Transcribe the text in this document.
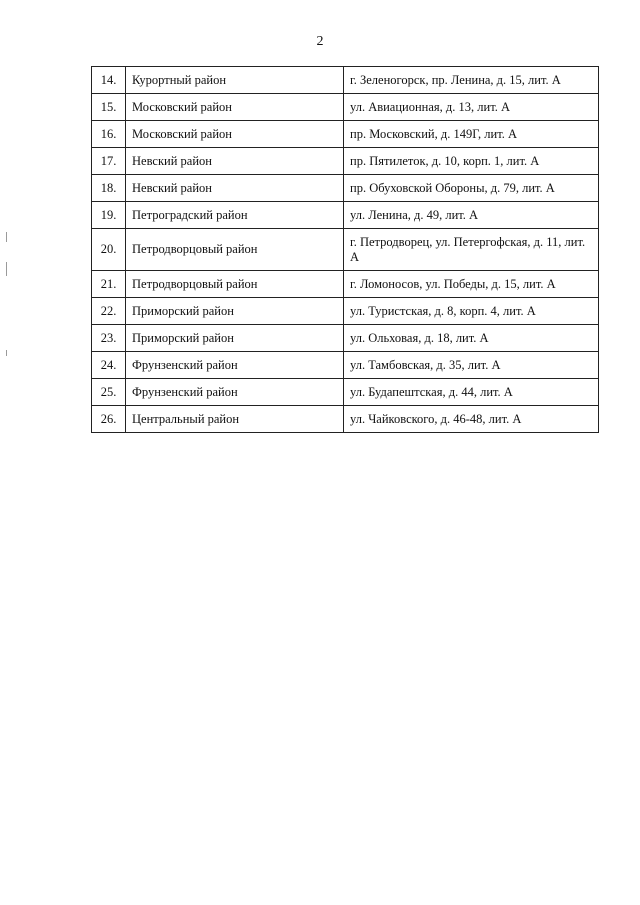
2
14.	Курортный район	г. Зеленогорск, пр. Ленина, д. 15, лит. А
15.	Московский район	ул. Авиационная, д. 13, лит. А
16.	Московский район	пр. Московский, д. 149Г, лит. А
17.	Невский район	пр. Пятилеток, д. 10, корп. 1, лит. А
18.	Невский район	пр. Обуховской Обороны, д. 79, лит. А
19.	Петроградский район	ул. Ленина, д. 49, лит. А
20.	Петродворцовый район	г. Петродворец, ул. Петергофская, д. 11, лит. А
21.	Петродворцовый район	г. Ломоносов, ул. Победы, д. 15, лит. А
22.	Приморский район	ул. Туристская, д. 8, корп. 4, лит. А
23.	Приморский район	ул. Ольховая, д. 18, лит. А
24.	Фрунзенский район	ул. Тамбовская, д. 35, лит. А
25.	Фрунзенский район	ул. Будапештская, д. 44, лит. А
26.	Центральный район	ул. Чайковского, д. 46-48, лит. А
